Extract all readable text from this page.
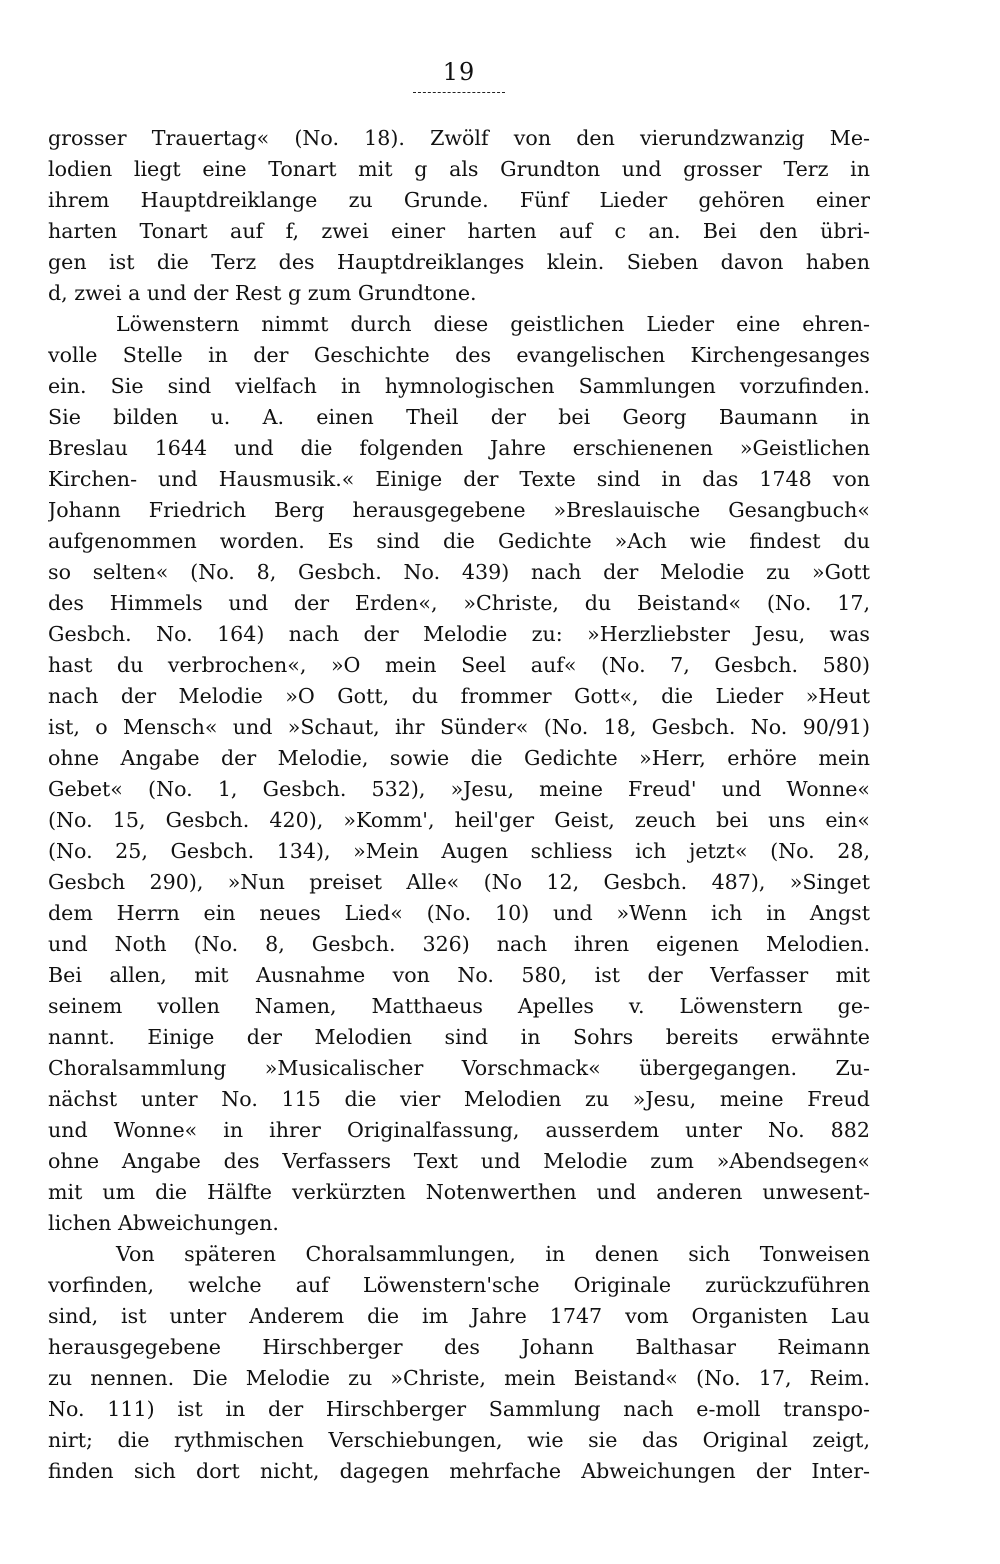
19
grosser Trauertag« (No. 18). Zwölf von den vierundzwanzig Me-
lodien liegt eine Tonart mit g als Grundton und grosser Terz in
ihrem Hauptdreiklange zu Grunde. Fünf Lieder gehören einer
harten Tonart auf f, zwei einer harten auf c an. Bei den übri-
gen ist die Terz des Hauptdreiklanges klein. Sieben davon haben
d, zwei a und der Rest g zum Grundtone.
Löwenstern nimmt durch diese geistlichen Lieder eine ehren-
volle Stelle in der Geschichte des evangelischen Kirchengesanges
ein. Sie sind vielfach in hymnologischen Sammlungen vorzufinden.
Sie bilden u. A. einen Theil der bei Georg Baumann in
Breslau 1644 und die folgenden Jahre erschienenen »Geistlichen
Kirchen- und Hausmusik.« Einige der Texte sind in das 1748 von
Johann Friedrich Berg herausgegebene »Breslauische Gesangbuch«
aufgenommen worden. Es sind die Gedichte »Ach wie findest du
so selten« (No. 8, Gesbch. No. 439) nach der Melodie zu »Gott
des Himmels und der Erden«, »Christe, du Beistand« (No. 17,
Gesbch. No. 164) nach der Melodie zu: »Herzliebster Jesu, was
hast du verbrochen«, »O mein Seel auf« (No. 7, Gesbch. 580)
nach der Melodie »O Gott, du frommer Gott«, die Lieder »Heut
ist, o Mensch« und »Schaut, ihr Sünder« (No. 18, Gesbch. No. 90/91)
ohne Angabe der Melodie, sowie die Gedichte »Herr, erhöre mein
Gebet« (No. 1, Gesbch. 532), »Jesu, meine Freud' und Wonne«
(No. 15, Gesbch. 420), »Komm', heil'ger Geist, zeuch bei uns ein«
(No. 25, Gesbch. 134), »Mein Augen schliess ich jetzt« (No. 28,
Gesbch 290), »Nun preiset Alle« (No 12, Gesbch. 487), »Singet
dem Herrn ein neues Lied« (No. 10) und »Wenn ich in Angst
und Noth (No. 8, Gesbch. 326) nach ihren eigenen Melodien.
Bei allen, mit Ausnahme von No. 580, ist der Verfasser mit
seinem vollen Namen, Matthaeus Apelles v. Löwenstern ge-
nannt. Einige der Melodien sind in Sohrs bereits erwähnte
Choralsammlung »Musicalischer Vorschmack« übergegangen. Zu-
nächst unter No. 115 die vier Melodien zu »Jesu, meine Freud
und Wonne« in ihrer Originalfassung, ausserdem unter No. 882
ohne Angabe des Verfassers Text und Melodie zum »Abendsegen«
mit um die Hälfte verkürzten Notenwerthen und anderen unwesent-
lichen Abweichungen.
Von späteren Choralsammlungen, in denen sich Tonweisen
vorfinden, welche auf Löwenstern'sche Originale zurückzuführen
sind, ist unter Anderem die im Jahre 1747 vom Organisten Lau
herausgegebene Hirschberger des Johann Balthasar Reimann
zu nennen. Die Melodie zu »Christe, mein Beistand« (No. 17, Reim.
No. 111) ist in der Hirschberger Sammlung nach e-moll transpo-
nirt; die rythmischen Verschiebungen, wie sie das Original zeigt,
finden sich dort nicht, dagegen mehrfache Abweichungen der Inter-
